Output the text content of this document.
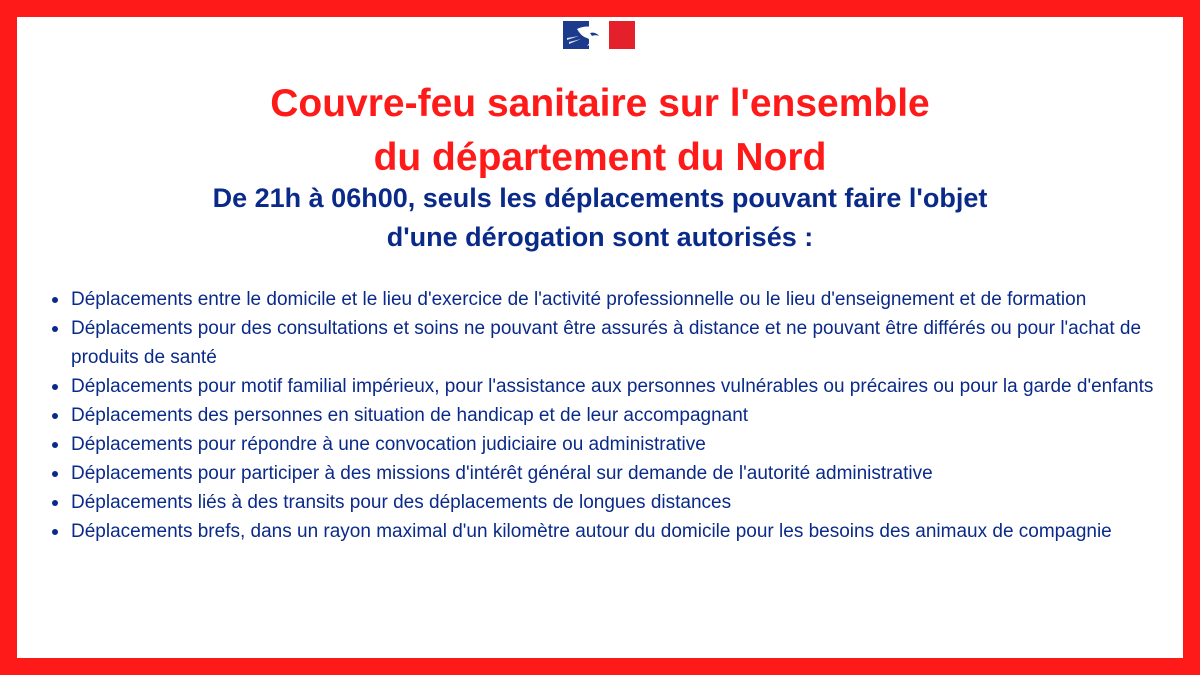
Couvre-feu sanitaire sur l'ensemble
du département du Nord
De 21h à 06h00, seuls les déplacements pouvant faire l'objet
d'une dérogation sont autorisés :
Déplacements entre le domicile et le lieu d'exercice de l'activité professionnelle ou le lieu d'enseignement et de formation
Déplacements pour des consultations et soins ne pouvant être assurés à distance et ne pouvant être différés ou pour l'achat de produits de santé
Déplacements pour motif familial impérieux, pour l'assistance aux personnes vulnérables ou précaires ou pour la garde d'enfants
Déplacements des personnes en situation de handicap et de leur accompagnant
Déplacements pour répondre à une convocation judiciaire ou administrative
Déplacements pour participer à des missions d'intérêt général sur demande de l'autorité administrative
Déplacements liés à des transits pour des déplacements de longues distances
Déplacements brefs, dans un rayon maximal d'un kilomètre autour du domicile pour les besoins des animaux de compagnie
